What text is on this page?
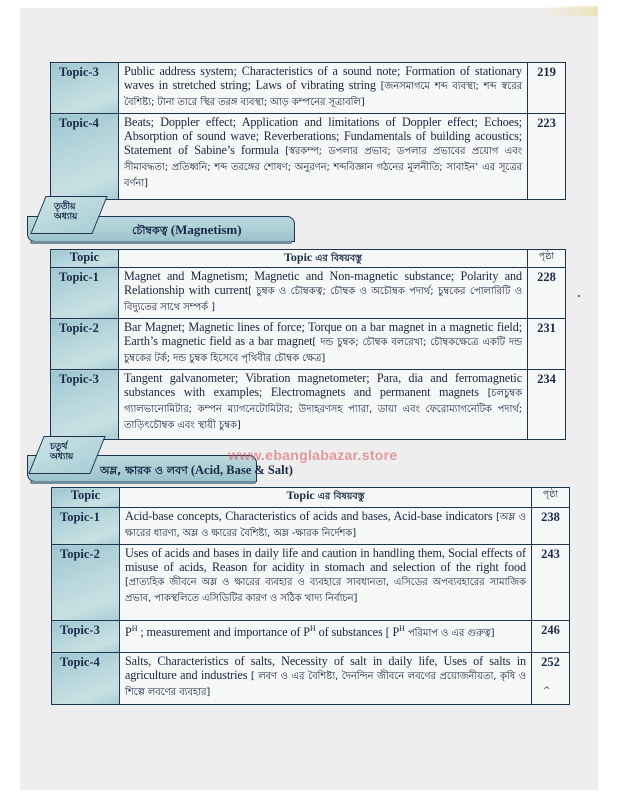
Topic-3	Public address system; Characteristics of a sound note; Formation of stationary waves in stretched string; Laws of vibrating string [জনসমাগমে শব্দ ব্যবস্থা; শব্দ স্বরের বৈশিষ্ট্য; টানা তারে স্থির তরঙ্গ ব্যবস্থা; আড় কম্পনের সূত্রাবলি]	219
Topic-4	Beats; Doppler effect; Application and limitations of Doppler effect; Echoes; Absorption of sound wave; Reverberations; Fundamentals of building acoustics; Statement of Sabine’s formula [স্বরকম্প; ডপলার প্রভাব; ডপলার প্রভাবের প্রয়োগ এবং সীমাবদ্ধতা; প্রতিধ্বনি; শব্দ তরঙ্গের শোষণ; অনুরণন; শব্দবিজ্ঞান গঠনের মূলনীতি; সাবাইন’ এর সূত্রের বর্ণনা]	223
তৃতীয়
অধ্যায়
চৌম্বকত্ব (Magnetism)
Topic	Topic এর বিষয়বস্তু	পৃষ্ঠা
Topic-1	Magnet and Magnetism; Magnetic and Non-magnetic substance; Polarity and Relationship with current[ চুম্বক ও চৌম্বকত্ব; চৌম্বক ও অচৌম্বক পদার্থ; চুম্বকের পোলারিটি ও বিদ্যুতের সাথে সম্পর্ক ]	228
Topic-2	Bar Magnet; Magnetic lines of force; Torque on a bar magnet in a magnetic field; Earth’s magnetic field as a bar magnet[ দন্ড চুম্বক; চৌম্বক বলরেখা; চৌম্বকক্ষেত্রে একটি দন্ড চুম্বকের টর্ক; দন্ড চুম্বক হিসেবে পৃথিবীর চৌম্বক ক্ষেত্র]	231
Topic-3	Tangent galvanometer; Vibration magnetometer; Para, dia and ferromagnetic substances with examples; Electromagnets and permanent magnets [চলচুম্বক গ্যালভানোমিটার; কম্পন ম্যাগনেটোমিটার; উদাহরণসহ প্যারা, ডায়া এবং ফেরোম্যাগনেটিক পদার্থ; তাড়িৎচৌম্বক এবং স্থায়ী চুম্বক]	234
চতুর্থ
অধ্যায়
অম্ল, ক্ষারক ও লবণ (Acid, Base & Salt)
www.ebanglabazar.store
Topic	Topic এর বিষয়বস্তু	পৃষ্ঠা
Topic-1	Acid-base concepts, Characteristics of acids and bases, Acid-base indicators [অম্ল ও ক্ষারের ধারণা, অম্ল ও ক্ষারের বৈশিষ্ট্য, অম্ল -ক্ষারক নির্দেশক]	238
Topic-2	Uses of acids and bases in daily life and caution in handling them, Social effects of misuse of acids, Reason for acidity in stomach and selection of the right food [প্রাত্যহিক জীবনে অম্ল ও ক্ষারের ব্যবহার ও ব্যবহারে সাবধানতা, এসিডের অপব্যবহারের সামাজিক প্রভাব, পাকস্থলিতে এসিডিটির কারণ ও সঠিক খাদ্য নির্বাচন]	243
Topic-3	$P^H$ ; measurement and importance of $P^H$ of substances [ $P^H$ পরিমাপ ও এর গুরুত্ব]	246
Topic-4	Salts, Characteristics of salts, Necessity of salt in daily life, Uses of salts in agriculture and industries [ লবণ ও এর বৈশিষ্ট্য, দৈনন্দিন জীবনে লবণের প্রয়োজনীয়তা, কৃষি ও শিল্পে লবণের ব্যবহার]	252
^
